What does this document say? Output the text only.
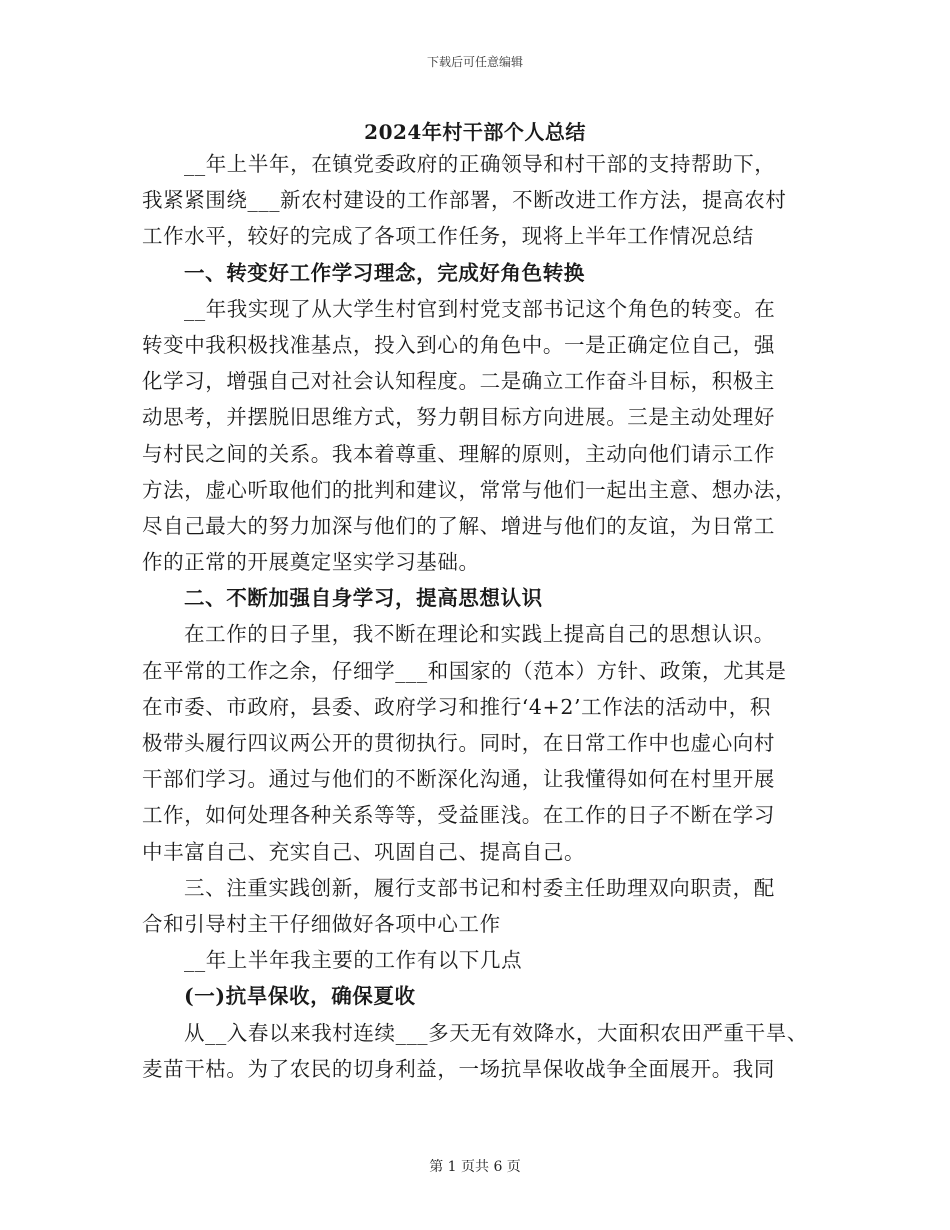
下载后可任意编辑
2024年村干部个人总结
__年上半年，在镇党委政府的正确领导和村干部的支持帮助下，
我紧紧围绕___新农村建设的工作部署，不断改进工作方法，提高农村
工作水平，较好的完成了各项工作任务，现将上半年工作情况总结
一、转变好工作学习理念，完成好角色转换
__年我实现了从大学生村官到村党支部书记这个角色的转变。在
转变中我积极找准基点，投入到心的角色中。一是正确定位自己，强
化学习，增强自己对社会认知程度。二是确立工作奋斗目标，积极主
动思考，并摆脱旧思维方式，努力朝目标方向进展。三是主动处理好
与村民之间的关系。我本着尊重、理解的原则，主动向他们请示工作
方法，虚心听取他们的批判和建议，常常与他们一起出主意、想办法，
尽自己最大的努力加深与他们的了解、增进与他们的友谊，为日常工
作的正常的开展奠定坚实学习基础。
二、不断加强自身学习，提高思想认识
在工作的日子里，我不断在理论和实践上提高自己的思想认识。
在平常的工作之余，仔细学___和国家的（范本）方针、政策，尤其是
在市委、市政府，县委、政府学习和推行‘4+2’工作法的活动中，积
极带头履行四议两公开的贯彻执行。同时，在日常工作中也虚心向村
干部们学习。通过与他们的不断深化沟通，让我懂得如何在村里开展
工作，如何处理各种关系等等，受益匪浅。在工作的日子不断在学习
中丰富自己、充实自己、巩固自己、提高自己。
三、注重实践创新，履行支部书记和村委主任助理双向职责，配
合和引导村主干仔细做好各项中心工作
__年上半年我主要的工作有以下几点
(一)抗旱保收，确保夏收
从__入春以来我村连续___多天无有效降水，大面积农田严重干旱、
麦苗干枯。为了农民的切身利益，一场抗旱保收战争全面展开。我同
第 1 页共 6 页
